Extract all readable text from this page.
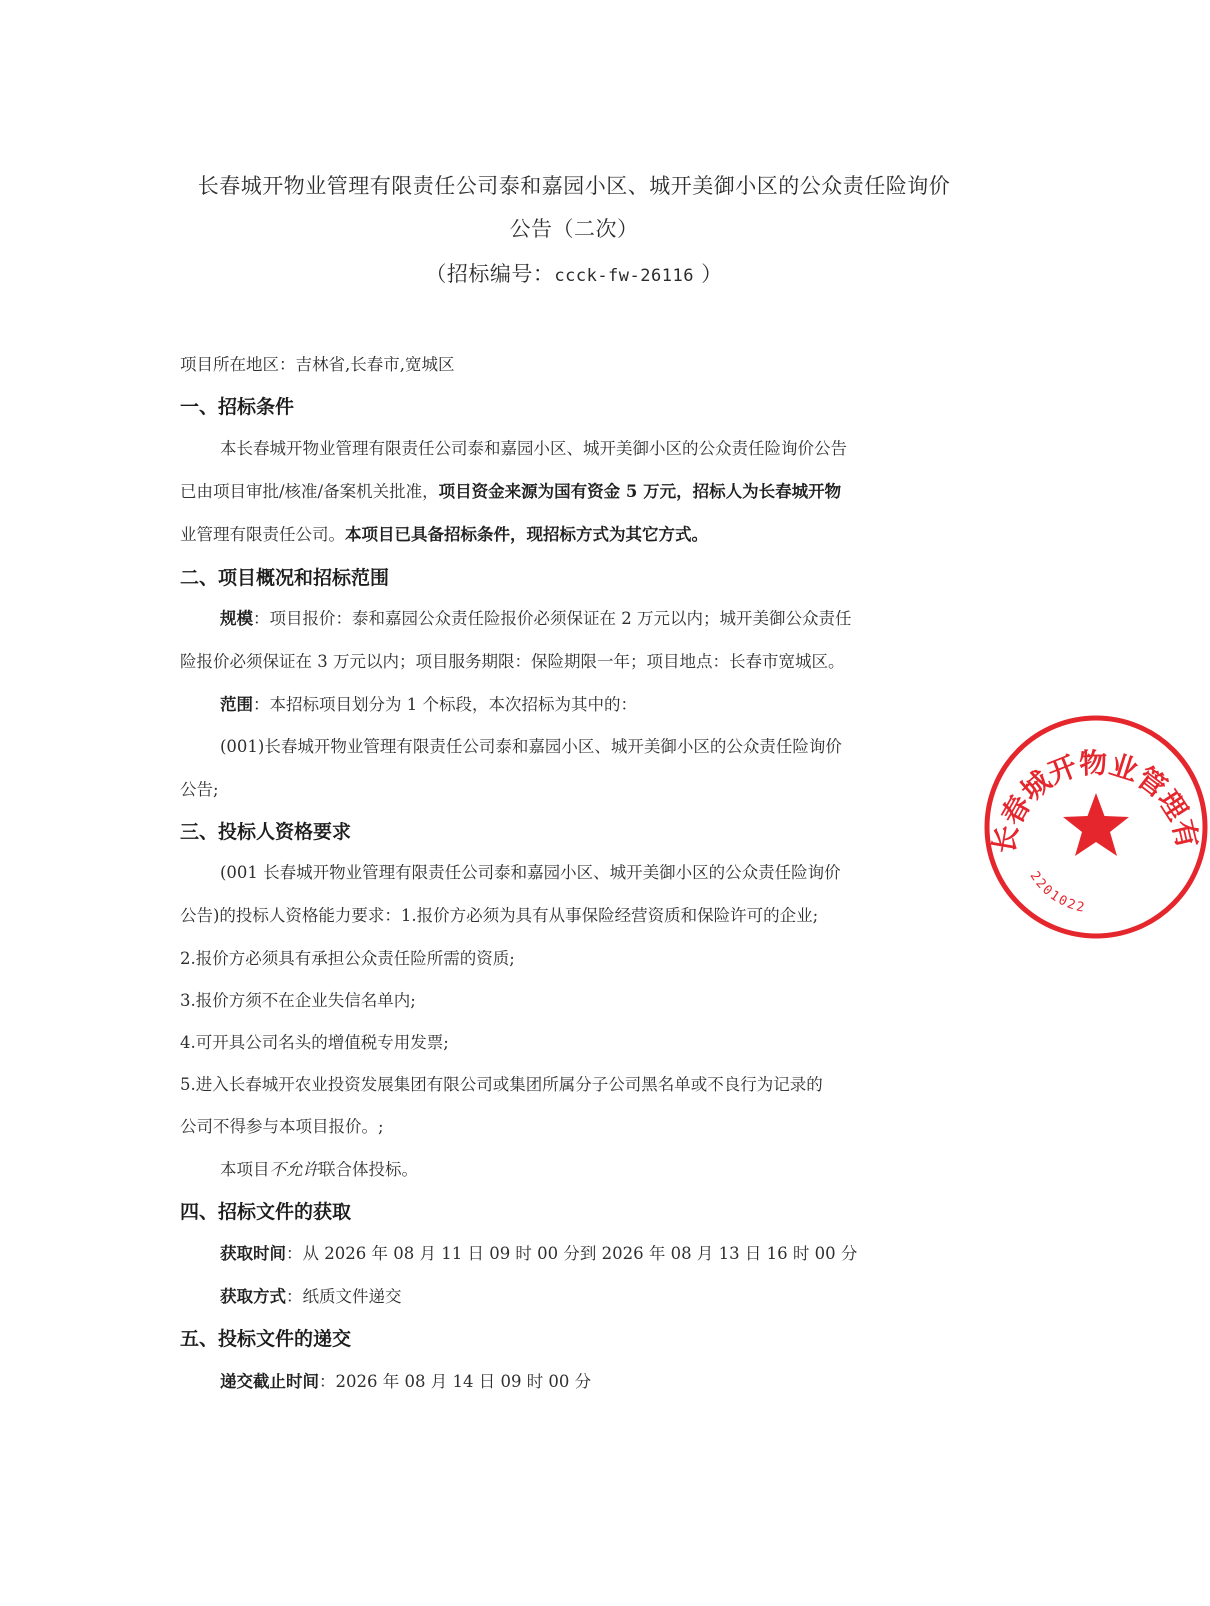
长春城开物业管理有限责任公司泰和嘉园小区、城开美御小区的公众责任险询价
公告（二次）
（招标编号：ccck-fw-26116 ）
项目所在地区：吉林省,长春市,宽城区
一、招标条件
本长春城开物业管理有限责任公司泰和嘉园小区、城开美御小区的公众责任险询价公告
已由项目审批/核准/备案机关批准，项目资金来源为国有资金 5 万元，招标人为长春城开物
业管理有限责任公司。本项目已具备招标条件，现招标方式为其它方式。
二、项目概况和招标范围
规模：项目报价：泰和嘉园公众责任险报价必须保证在 2 万元以内；城开美御公众责任
险报价必须保证在 3 万元以内；项目服务期限：保险期限一年；项目地点：长春市宽城区。
范围：本招标项目划分为 1 个标段，本次招标为其中的：
(001)长春城开物业管理有限责任公司泰和嘉园小区、城开美御小区的公众责任险询价
公告;
三、投标人资格要求
(001 长春城开物业管理有限责任公司泰和嘉园小区、城开美御小区的公众责任险询价
公告)的投标人资格能力要求：1.报价方必须为具有从事保险经营资质和保险许可的企业;
2.报价方必须具有承担公众责任险所需的资质;
3.报价方须不在企业失信名单内;
4.可开具公司名头的增值税专用发票;
5.进入长春城开农业投资发展集团有限公司或集团所属分子公司黑名单或不良行为记录的
公司不得参与本项目报价。;
本项目不允许联合体投标。
四、招标文件的获取
获取时间：从 2026 年 08 月 11 日 09 时 00 分到 2026 年 08 月 13 日 16 时 00 分
获取方式：纸质文件递交
五、投标文件的递交
递交截止时间：2026 年 08 月 14 日 09 时 00 分
长春城开物业管理有
2201022
